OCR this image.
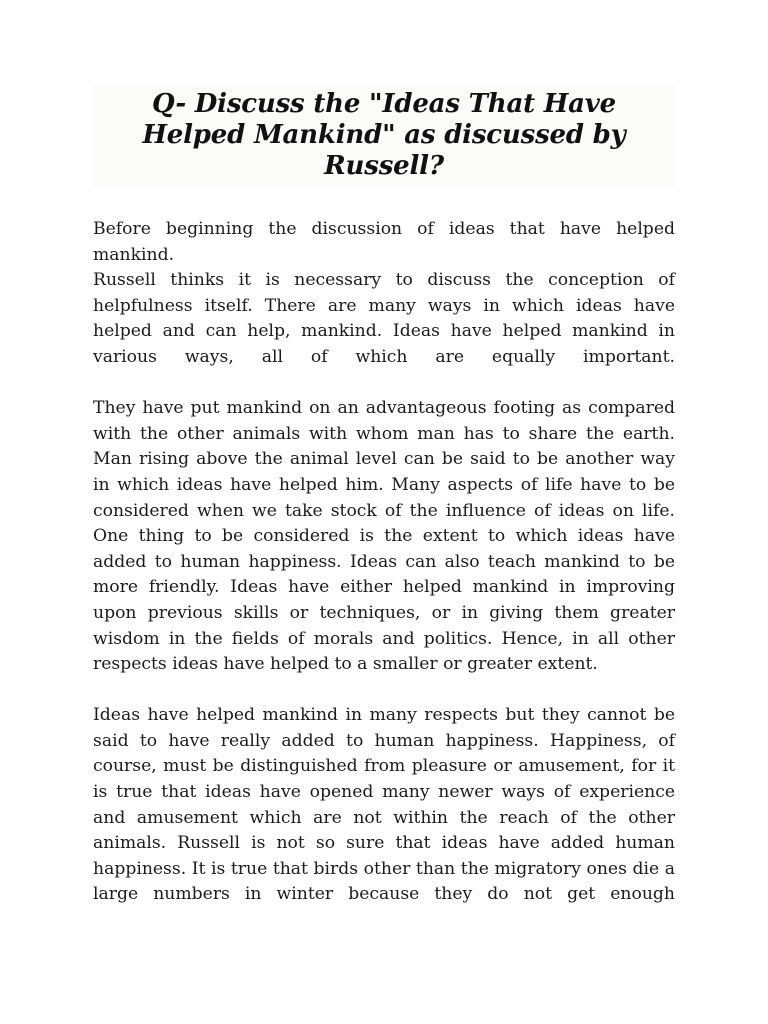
Q- Discuss the "Ideas That Have
Helped Mankind" as discussed by
Russell?

Before beginning the discussion of ideas that have helped mankind.

Russell thinks it is necessary to discuss the conception of helpfulness itself. There are many ways in which ideas have helped and can help, mankind. Ideas have helped mankind in various ways, all of which are equally important.

They have put mankind on an advantageous footing as compared with the other animals with whom man has to share the earth. Man rising above the animal level can be said to be another way in which ideas have helped him. Many aspects of life have to be considered when we take stock of the influence of ideas on life. One thing to be considered is the extent to which ideas have added to human happiness. Ideas can also teach mankind to be more friendly. Ideas have either helped mankind in improving upon previous skills or techniques, or in giving them greater wisdom in the fields of morals and politics. Hence, in all other respects ideas have helped to a smaller or greater extent.

Ideas have helped mankind in many respects but they cannot be said to have really added to human happiness. Happiness, of course, must be distinguished from pleasure or amusement, for it is true that ideas have opened many newer ways of experience and amusement which are not within the reach of the other animals. Russell is not so sure that ideas have added human happiness. It is true that birds other than the migratory ones die a large numbers in winter because they do not get enough
